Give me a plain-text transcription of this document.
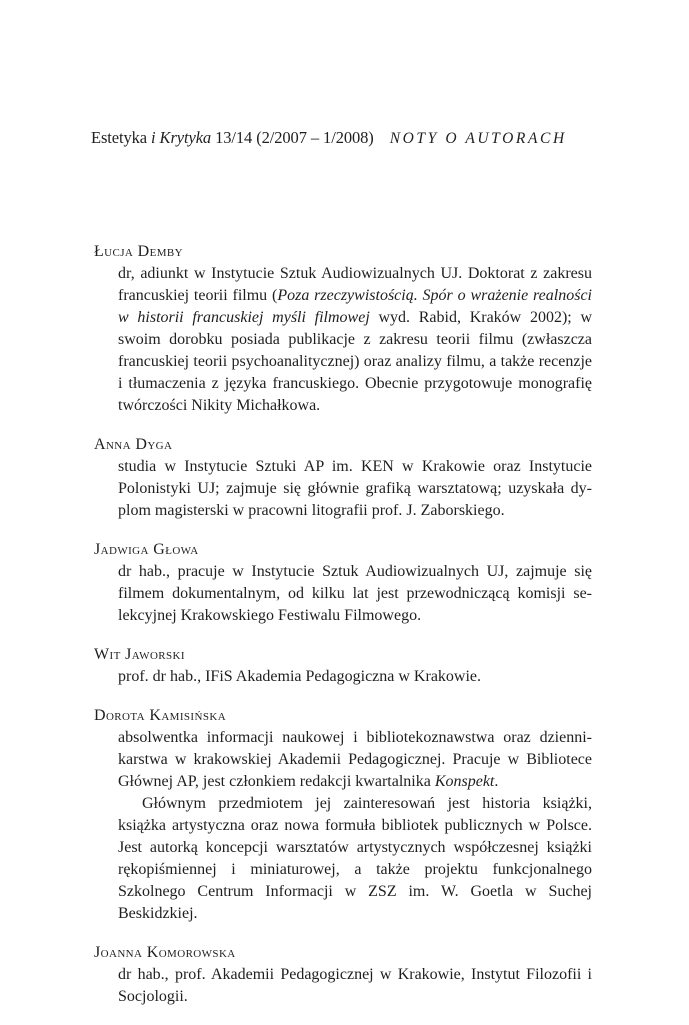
Estetyka i Krytyka 13/14 (2/2007 – 1/2008) NOTY O AUTORACH
Łucja Demby

dr, adiunkt w Instytucie Sztuk Audiowizualnych UJ. Doktorat z zakresu francuskiej teorii filmu (Poza rzeczywistością. Spór o wrażenie realności w historii francuskiej myśli filmowej wyd. Rabid, Kraków 2002); w swoim dorobku posiada publikacje z zakresu teorii filmu (zwłaszcza francuskiej teorii psychoanalitycznej) oraz analizy filmu, a także recenzje i tłumaczenia z języka francuskiego. Obecnie przygotowuje monografię twórczości Nikity Michałkowa.

Anna Dyga

studia w Instytucie Sztuki AP im. KEN w Krakowie oraz Instytucie Polonistyki UJ; zajmuje się głównie grafiką warsztatową; uzyskała dyplom magisterski w pracowni litografii prof. J. Zaborskiego.

Jadwiga Głowa

dr hab., pracuje w Instytucie Sztuk Audiowizualnych UJ, zajmuje się filmem dokumentalnym, od kilku lat jest przewodniczącą komisji selekcyjnej Krakowskiego Festiwalu Filmowego.

Wit Jaworski

prof. dr hab., IFiS Akademia Pedagogiczna w Krakowie.

Dorota Kamisińska

absolwentka informacji naukowej i bibliotekoznawstwa oraz dziennikarstwa w krakowskiej Akademii Pedagogicznej. Pracuje w Bibliotece Głównej AP, jest członkiem redakcji kwartalnika Konspekt.

Głównym przedmiotem jej zainteresowań jest historia książki, książka artystyczna oraz nowa formuła bibliotek publicznych w Polsce. Jest autorką koncepcji warsztatów artystycznych współczesnej książki rękopiśmiennej i miniaturowej, a także projektu funkcjonalnego Szkolnego Centrum Informacji w ZSZ im. W. Goetla w Suchej Beskidzkiej.

Joanna Komorowska

dr hab., prof. Akademii Pedagogicznej w Krakowie, Instytut Filozofii i Socjologii.
